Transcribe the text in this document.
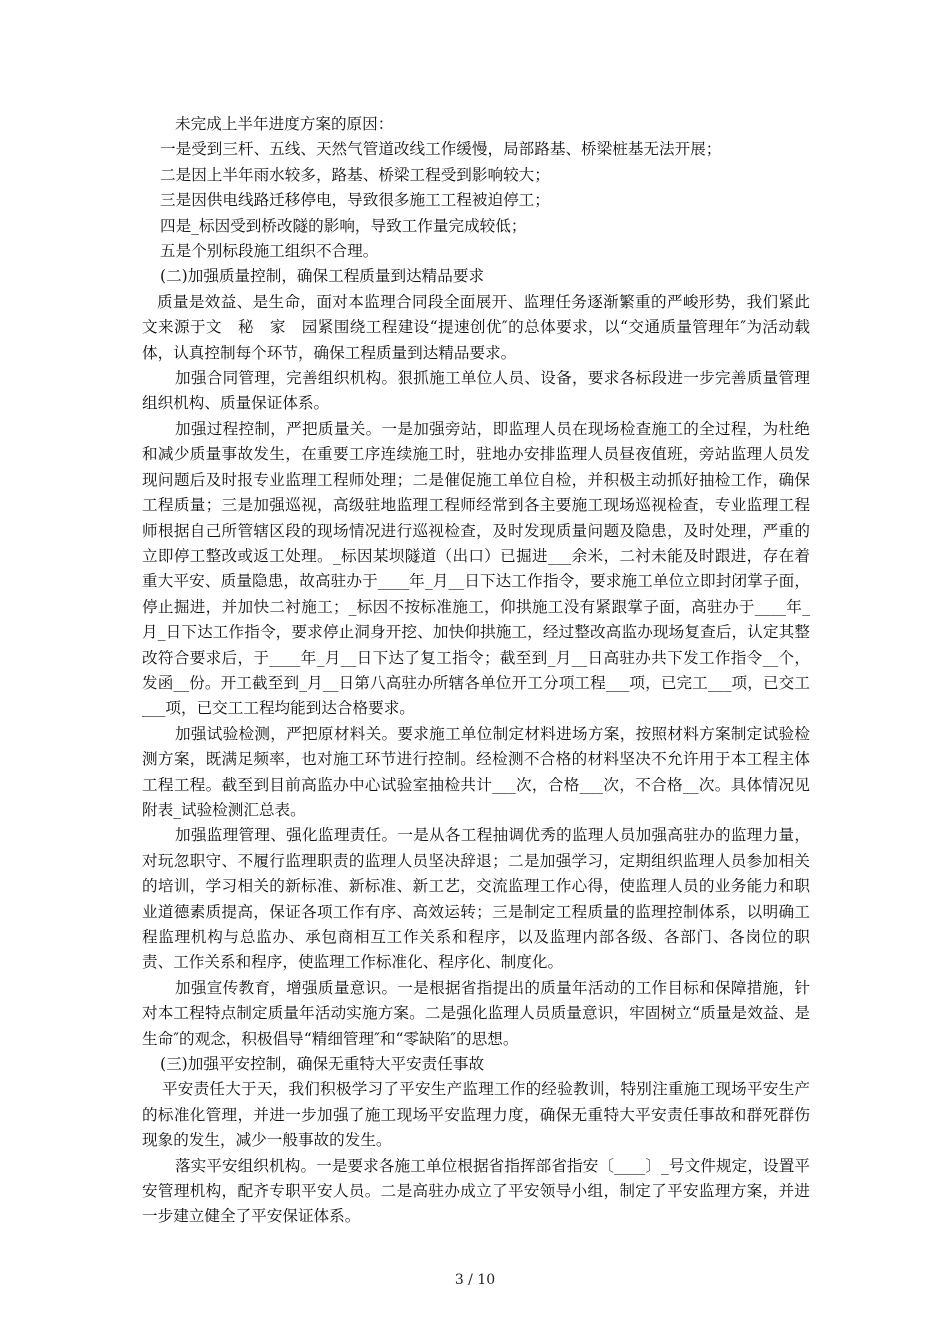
未完成上半年进度方案的原因：

一是受到三杆、五线、天然气管道改线工作缓慢，局部路基、桥梁桩基无法开展；

二是因上半年雨水较多，路基、桥梁工程受到影响较大；

三是因供电线路迁移停电，导致很多施工工程被迫停工；

四是_标因受到桥改隧的影响，导致工作量完成较低；

五是个别标段施工组织不合理。

(二)加强质量控制，确保工程质量到达精品要求

质量是效益、是生命，面对本监理合同段全面展开、监理任务逐渐繁重的严峻形势，我们紧此　文来源于文　秘　家　园紧围绕工程建设“提速创优″的总体要求，以“交通质量管理年″为活动载体，认真控制每个环节，确保工程质量到达精品要求。

加强合同管理，完善组织机构。狠抓施工单位人员、设备，要求各标段进一步完善质量管理组织机构、质量保证体系。

加强过程控制，严把质量关。一是加强旁站，即监理人员在现场检查施工的全过程，为杜绝和减少质量事故发生，在重要工序连续施工时，驻地办安排监理人员昼夜值班，旁站监理人员发现问题后及时报专业监理工程师处理；二是催促施工单位自检，并积极主动抓好抽检工作，确保工程质量；三是加强巡视，高级驻地监理工程师经常到各主要施工现场巡视检查，专业监理工程师根据自己所管辖区段的现场情况进行巡视检查，及时发现质量问题及隐患，及时处理，严重的立即停工整改或返工处理。_标因某坝隧道（出口）已掘进___余米，二衬未能及时跟进，存在着重大平安、质量隐患，故高驻办于____年_月__日下达工作指令，要求施工单位立即封闭掌子面，停止掘进，并加快二衬施工；_标因不按标准施工，仰拱施工没有紧跟掌子面，高驻办于____年_月_日下达工作指令，要求停止洞身开挖、加快仰拱施工，经过整改高监办现场复查后，认定其整改符合要求后，于____年_月__日下达了复工指令；截至到_月__日高驻办共下发工作指令__个，发函__份。开工截至到_月__日第八高驻办所辖各单位开工分项工程___项，已完工___项，已交工___项，已交工工程均能到达合格要求。

加强试验检测，严把原材料关。要求施工单位制定材料进场方案，按照材料方案制定试验检测方案，既满足频率，也对施工环节进行控制。经检测不合格的材料坚决不允许用于本工程主体工程工程。截至到目前高监办中心试验室抽检共计___次，合格___次，不合格__次。具体情况见附表_试验检测汇总表。

加强监理管理、强化监理责任。一是从各工程抽调优秀的监理人员加强高驻办的监理力量，对玩忽职守、不履行监理职责的监理人员坚决辞退；二是加强学习，定期组织监理人员参加相关的培训，学习相关的新标准、新标准、新工艺，交流监理工作心得，使监理人员的业务能力和职业道德素质提高，保证各项工作有序、高效运转；三是制定工程质量的监理控制体系，以明确工程监理机构与总监办、承包商相互工作关系和程序，以及监理内部各级、各部门、各岗位的职责、工作关系和程序，使监理工作标准化、程序化、制度化。

加强宣传教育，增强质量意识。一是根据省指提出的质量年活动的工作目标和保障措施，针对本工程特点制定质量年活动实施方案。二是强化监理人员质量意识，牢固树立“质量是效益、是生命″的观念，积极倡导“精细管理″和“零缺陷″的思想。

(三)加强平安控制，确保无重特大平安责任事故

平安责任大于天，我们积极学习了平安生产监理工作的经验教训，特别注重施工现场平安生产的标准化管理，并进一步加强了施工现场平安监理力度，确保无重特大平安责任事故和群死群伤现象的发生，减少一般事故的发生。

落实平安组织机构。一是要求各施工单位根据省指挥部省指安〔____〕_号文件规定，设置平安管理机构，配齐专职平安人员。二是高驻办成立了平安领导小组，制定了平安监理方案，并进一步建立健全了平安保证体系。

3 / 10
